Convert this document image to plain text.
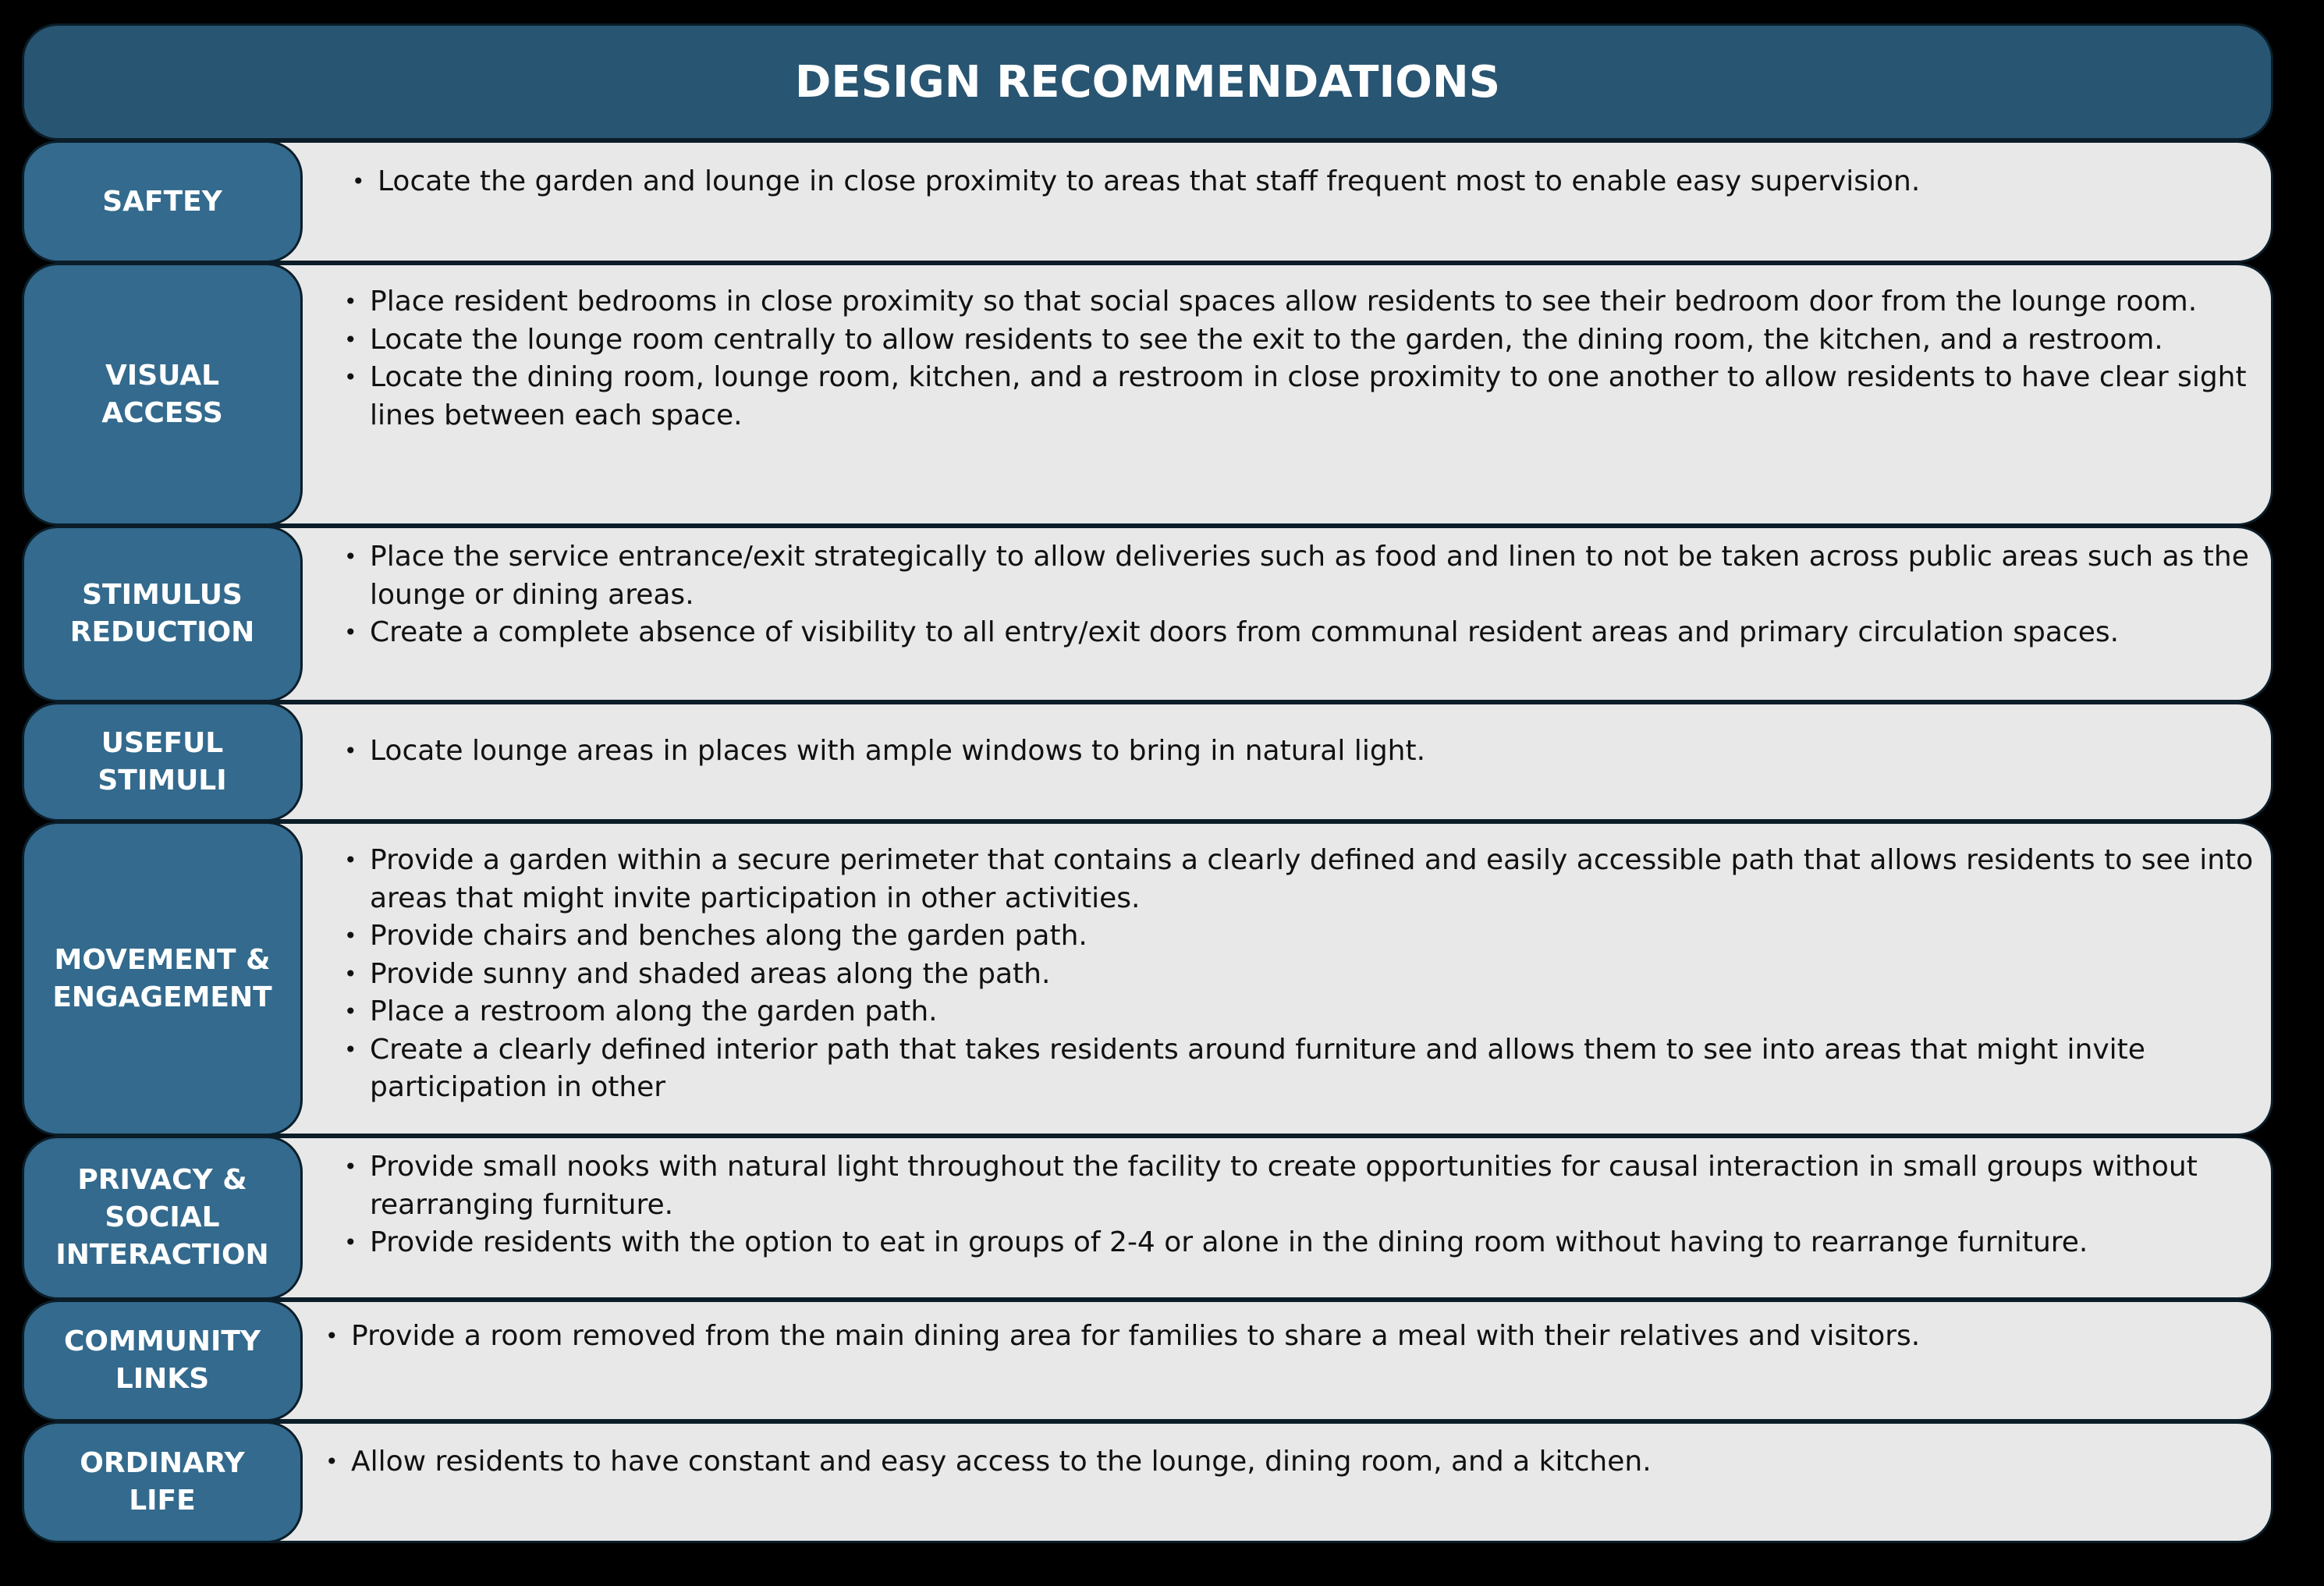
DESIGN RECOMMENDATIONS
• Locate the garden and lounge in close proximity to areas that staff frequent most to enable easy supervision.
SAFTEY
• Place resident bedrooms in close proximity so that social spaces allow residents to see their bedroom door from the lounge room.
• Locate the lounge room centrally to allow residents to see the exit to the garden, the dining room, the kitchen, and a restroom.
• Locate the dining room, lounge room, kitchen, and a restroom in close proximity to one another to allow residents to have clear sight lines between each space.
VISUAL
ACCESS
• Place the service entrance/exit strategically to allow deliveries such as food and linen to not be taken across public areas such as the lounge or dining areas.
• Create a complete absence of visibility to all entry/exit doors from communal resident areas and primary circulation spaces.
STIMULUS
REDUCTION
• Locate lounge areas in places with ample windows to bring in natural light.
USEFUL
STIMULI
• Provide a garden within a secure perimeter that contains a clearly defined and easily accessible path that allows residents to see into areas that might invite participation in other activities.
• Provide chairs and benches along the garden path.
• Provide sunny and shaded areas along the path.
• Place a restroom along the garden path.
• Create a clearly defined interior path that takes residents around furniture and allows them to see into areas that might invite participation in other
MOVEMENT &
ENGAGEMENT
• Provide small nooks with natural light throughout the facility to create opportunities for causal interaction in small groups without rearranging furniture.
• Provide residents with the option to eat in groups of 2-4 or alone in the dining room without having to rearrange furniture.
PRIVACY &
SOCIAL
INTERACTION
• Provide a room removed from the main dining area for families to share a meal with their relatives and visitors.
COMMUNITY
LINKS
• Allow residents to have constant and easy access to the lounge, dining room, and a kitchen.
ORDINARY
LIFE
